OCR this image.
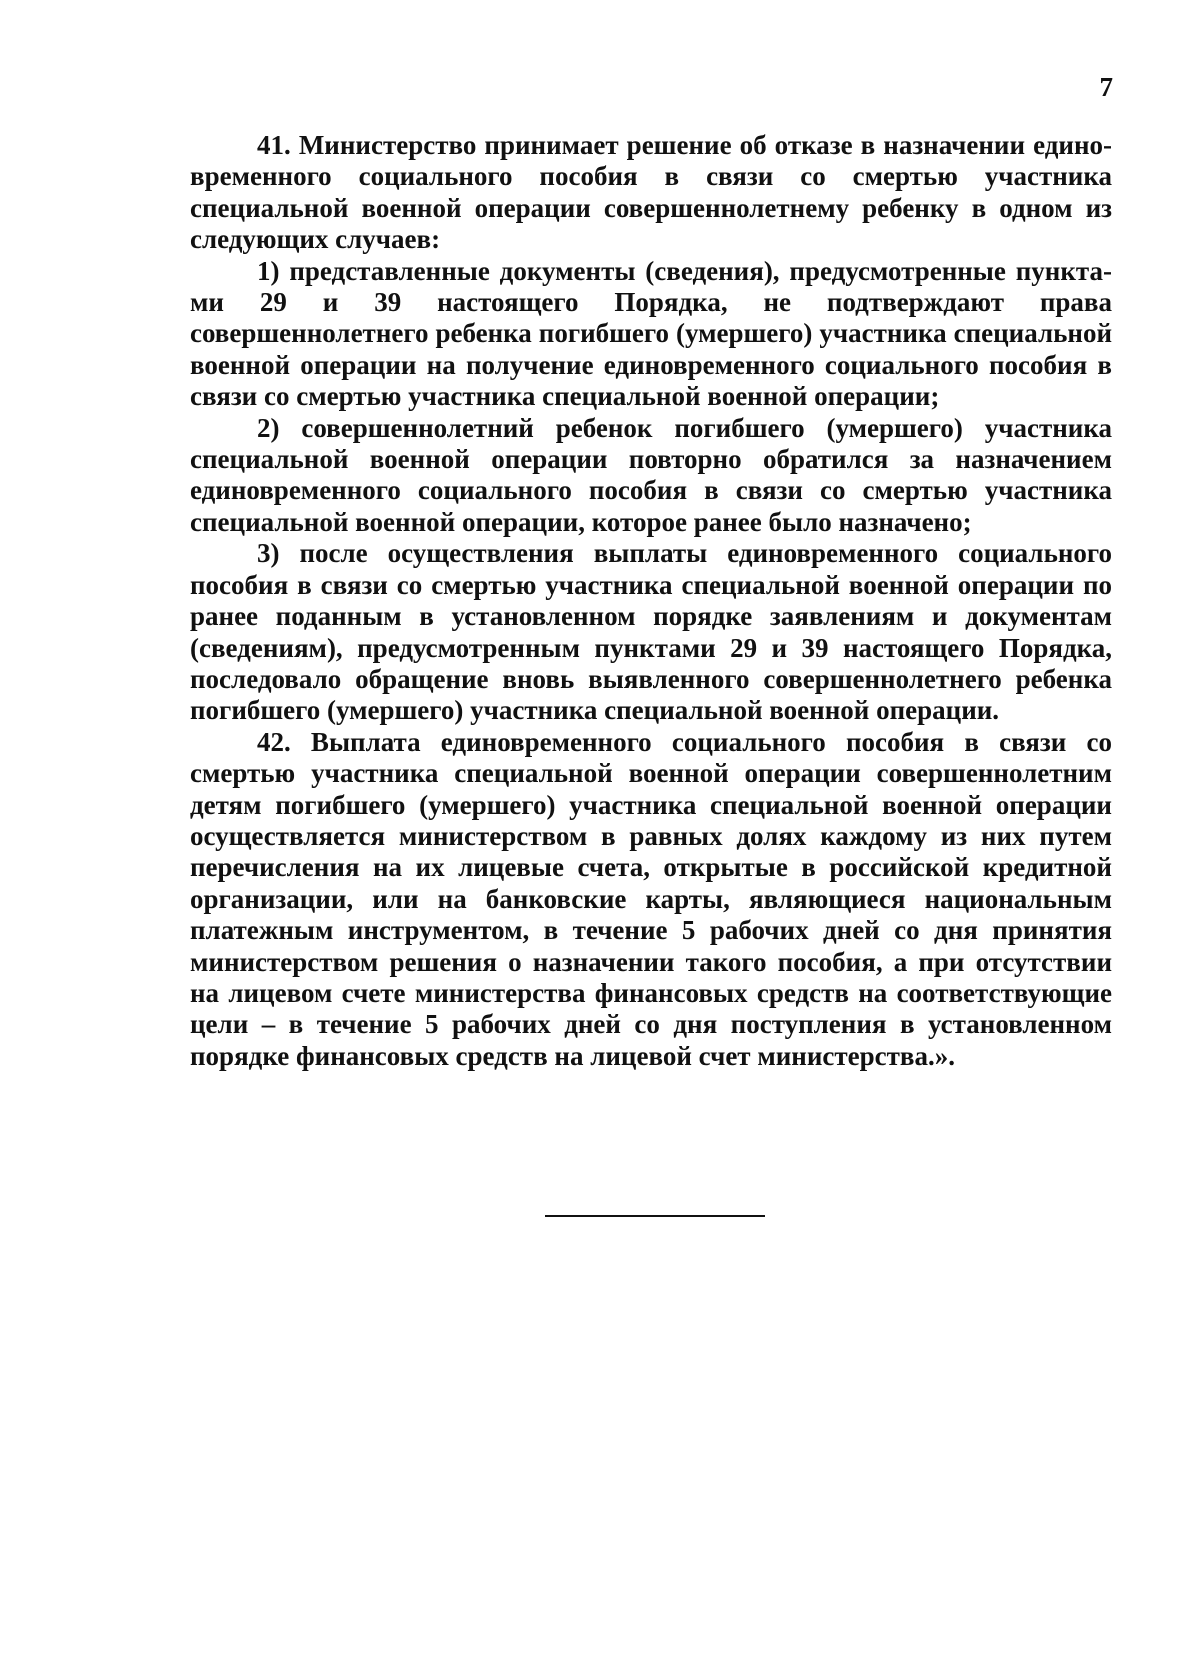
7

41. Министерство принимает решение об отказе в назначении единовременного социального пособия в связи со смертью участника специальной военной операции совершеннолетнему ребенку в одном из следующих случаев:

1) представленные документы (сведения), предусмотренные пунктами 29 и 39 настоящего Порядка, не подтверждают права совершеннолетнего ребенка погибшего (умершего) участника специальной военной операции на получение единовременного социального пособия в связи со смертью участника специальной военной операции;

2) совершеннолетний ребенок погибшего (умершего) участника специальной военной операции повторно обратился за назначением единовременного социального пособия в связи со смертью участника специальной военной операции, которое ранее было назначено;

3) после осуществления выплаты единовременного социального пособия в связи со смертью участника специальной военной операции по ранее поданным в установленном порядке заявлениям и документам (сведениям), предусмотренным пунктами 29 и 39 настоящего Порядка, последовало обращение вновь выявленного совершеннолетнего ребенка погибшего (умершего) участника специальной военной операции.

42. Выплата единовременного социального пособия в связи со смертью участника специальной военной операции совершеннолетним детям погибшего (умершего) участника специальной военной операции осуществляется министерством в равных долях каждому из них путем перечисления на их лицевые счета, открытые в российской кредитной организации, или на банковские карты, являющиеся национальным платежным инструментом, в течение 5 рабочих дней со дня принятия министерством решения о назначении такого пособия, а при отсутствии на лицевом счете министерства финансовых средств на соответствующие цели – в течение 5 рабочих дней со дня поступления в установленном порядке финансовых средств на лицевой счет министерства.».
